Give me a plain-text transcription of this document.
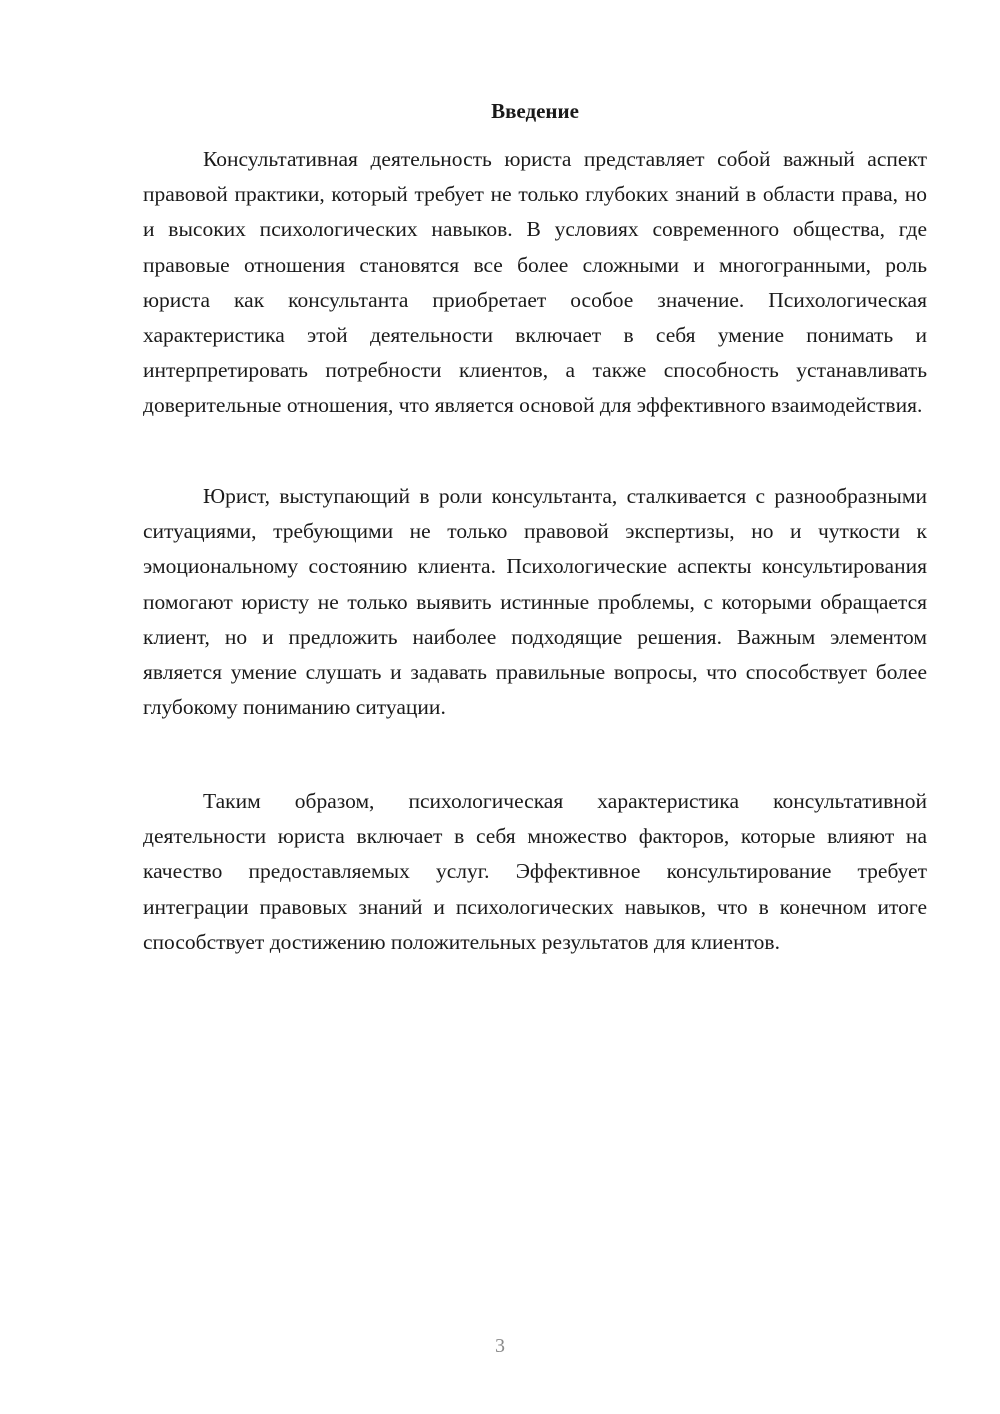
Введение

Консультативная деятельность юриста представляет собой важный аспект правовой практики, который требует не только глубоких знаний в области права, но и высоких психологических навыков. В условиях современного общества, где правовые отношения становятся все более сложными и многогранными, роль юриста как консультанта приобретает особое значение. Психологическая характеристика этой деятельности включает в себя умение понимать и интерпретировать потребности клиентов, а также способность устанавливать доверительные отношения, что является основой для эффективного взаимодействия.

Юрист, выступающий в роли консультанта, сталкивается с разнообразными ситуациями, требующими не только правовой экспертизы, но и чуткости к эмоциональному состоянию клиента. Психологические аспекты консультирования помогают юристу не только выявить истинные проблемы, с которыми обращается клиент, но и предложить наиболее подходящие решения. Важным элементом является умение слушать и задавать правильные вопросы, что способствует более глубокому пониманию ситуации.

Таким образом, психологическая характеристика консультативной деятельности юриста включает в себя множество факторов, которые влияют на качество предоставляемых услуг. Эффективное консультирование требует интеграции правовых знаний и психологических навыков, что в конечном итоге способствует достижению положительных результатов для клиентов.

3
